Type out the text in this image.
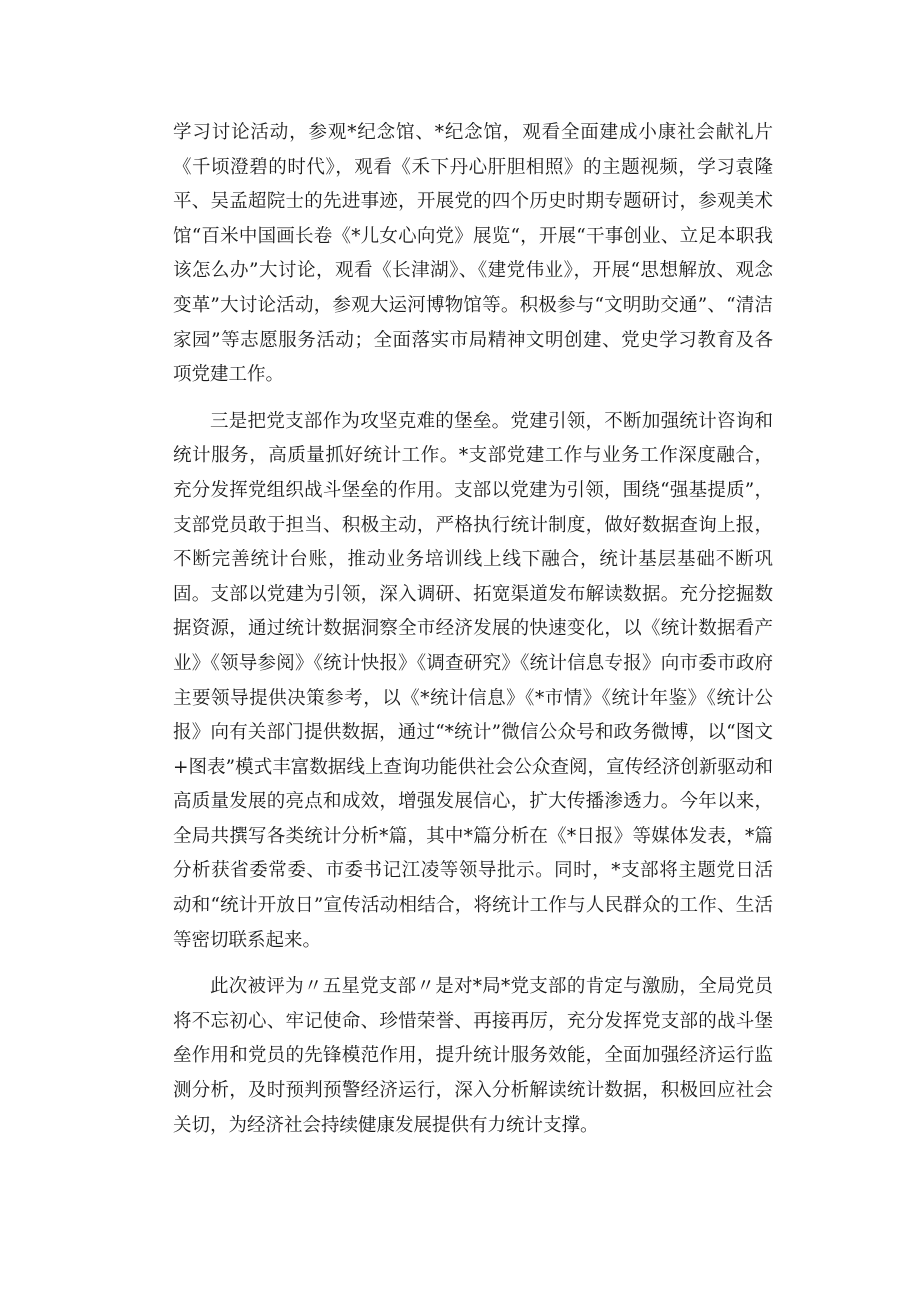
学习讨论活动，参观*纪念馆、*纪念馆，观看全面建成小康社会献礼片《千顷澄碧的时代》，观看《禾下丹心肝胆相照》的主题视频，学习袁隆平、吴孟超院士的先进事迹，开展党的四个历史时期专题研讨，参观美术馆“百米中国画长卷《*儿女心向党》展览“，开展“干事创业、立足本职我该怎么办”大讨论，观看《长津湖》、《建党伟业》，开展“思想解放、观念变革”大讨论活动，参观大运河博物馆等。积极参与“文明助交通”、“清洁家园”等志愿服务活动；全面落实市局精神文明创建、党史学习教育及各项党建工作。

三是把党支部作为攻坚克难的堡垒。党建引领，不断加强统计咨询和统计服务，高质量抓好统计工作。*支部党建工作与业务工作深度融合，充分发挥党组织战斗堡垒的作用。支部以党建为引领，围绕“强基提质”，支部党员敢于担当、积极主动，严格执行统计制度，做好数据查询上报，不断完善统计台账，推动业务培训线上线下融合，统计基层基础不断巩固。支部以党建为引领，深入调研、拓宽渠道发布解读数据。充分挖掘数据资源，通过统计数据洞察全市经济发展的快速变化，以《统计数据看产业》《领导参阅》《统计快报》《调查研究》《统计信息专报》向市委市政府主要领导提供决策参考，以《*统计信息》《*市情》《统计年鉴》《统计公报》向有关部门提供数据，通过“*统计”微信公众号和政务微博，以“图文+图表”模式丰富数据线上查询功能供社会公众查阅，宣传经济创新驱动和高质量发展的亮点和成效，增强发展信心，扩大传播渗透力。今年以来，全局共撰写各类统计分析*篇，其中*篇分析在《*日报》等媒体发表，*篇分析获省委常委、市委书记江凌等领导批示。同时，*支部将主题党日活动和“统计开放日”宣传活动相结合，将统计工作与人民群众的工作、生活等密切联系起来。

此次被评为〃五星党支部〃是对*局*党支部的肯定与激励，全局党员将不忘初心、牢记使命、珍惜荣誉、再接再厉，充分发挥党支部的战斗堡垒作用和党员的先锋模范作用，提升统计服务效能，全面加强经济运行监测分析，及时预判预警经济运行，深入分析解读统计数据，积极回应社会关切，为经济社会持续健康发展提供有力统计支撑。
